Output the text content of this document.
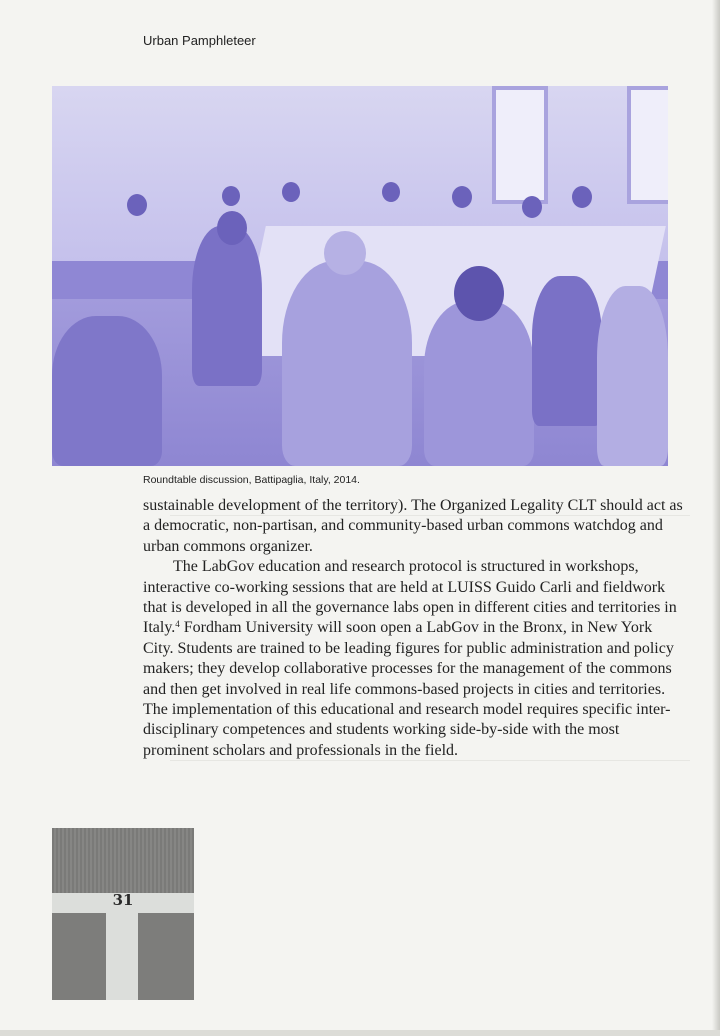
Urban Pamphleteer
Roundtable discussion, Battipaglia, Italy, 2014.

sustainable development of the territory). The Organized Legality CLT should act as a democratic, non-partisan, and community-based urban commons watchdog and urban commons organizer.

The LabGov education and research protocol is structured in workshops, interactive co-working sessions that are held at LUISS Guido Carli and fieldwork that is developed in all the governance labs open in different cities and territories in Italy.$^4$ Fordham University will soon open a LabGov in the Bronx, in New York City. Students are trained to be leading figures for public administration and policy makers; they develop collaborative processes for the management of the commons and then get involved in real life commons-based projects in cities and territories. The implementation of this educational and research model requires specific inter-disciplinary competences and students working side-by-side with the most prominent scholars and professionals in the field.

31
